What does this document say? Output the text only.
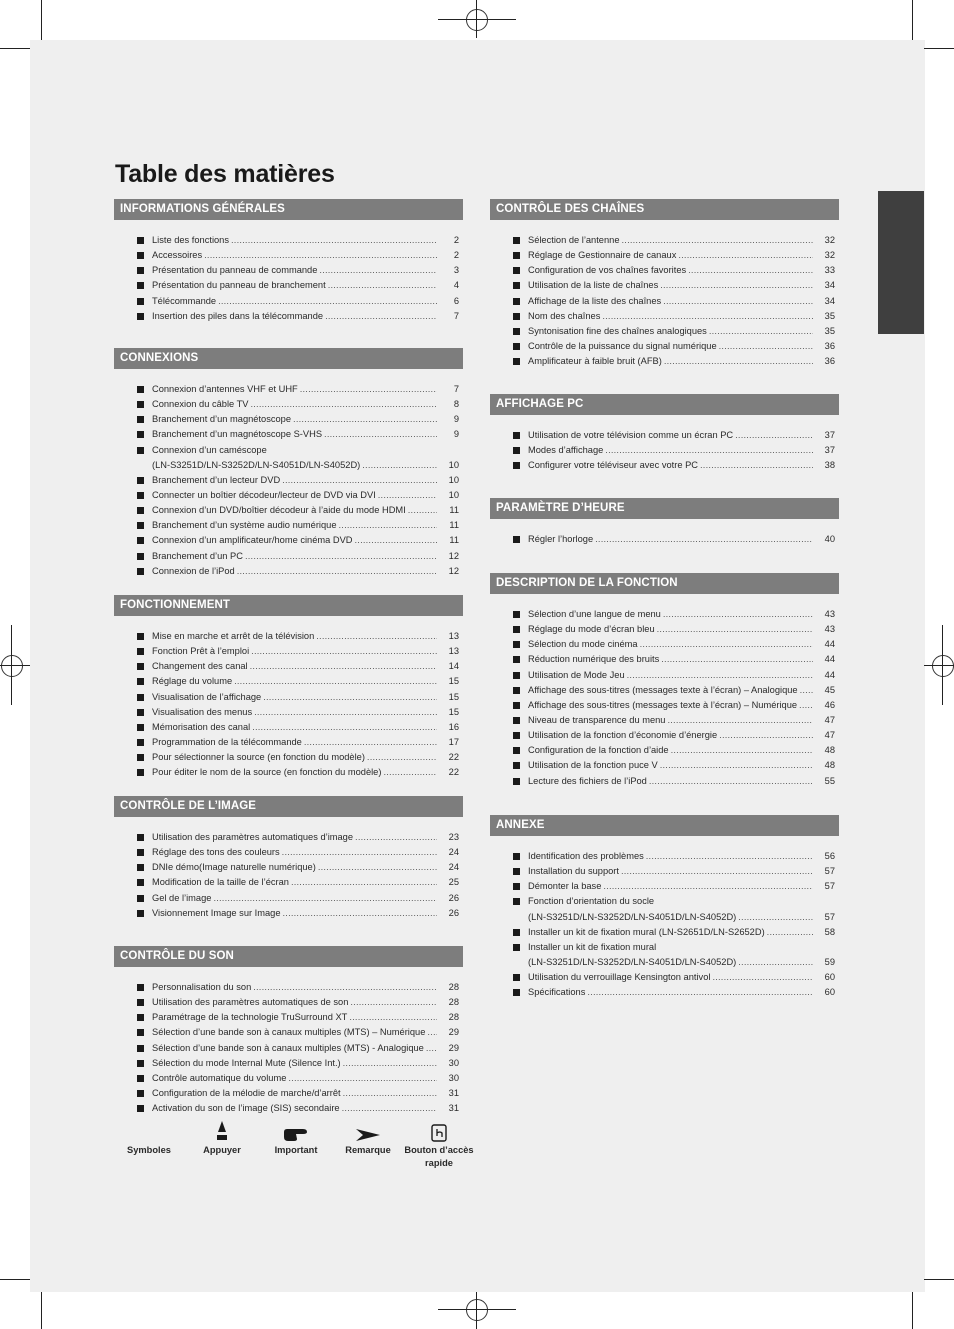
Table des matières
INFORMATIONS GÉNÉRALES
Liste des fonctions .....	2
Accessoires .....	2
Présentation du panneau de commande .....	3
Présentation du panneau de branchement .....	4
Télécommande .....	6
Insertion des piles dans la télécommande .....	7
CONNEXIONS
Connexion d’antennes VHF et UHF .....	7
Connexion du câble TV .....	8
Branchement d’un magnétoscope .....	9
Branchement d’un magnétoscope S-VHS .....	9
Connexion d’un caméscope
(LN-S3251D/LN-S3252D/LN-S4051D/LN-S4052D) .....	10
Branchement d’un lecteur DVD .....	10
Connecter un boîtier décodeur/lecteur de DVD via DVI .....	10
Connexion d’un DVD/boîtier décodeur à l’aide du mode HDMI .....	11
Branchement d’un système audio numérique .....	11
Connexion d’un amplificateur/home cinéma DVD .....	11
Branchement d’un PC .....	12
Connexion de l’iPod .....	12
FONCTIONNEMENT
Mise en marche et arrêt de la télévision .....	13
Fonction Prêt à l’emploi .....	13
Changement des canal .....	14
Réglage du volume .....	15
Visualisation de l’affichage .....	15
Visualisation des menus .....	15
Mémorisation des canal .....	16
Programmation de la télécommande .....	17
Pour sélectionner la source (en fonction du modèle) .....	22
Pour éditer le nom de la source (en fonction du modèle) .....	22
CONTRÔLE DE L’IMAGE
Utilisation des paramètres automatiques d’image .....	23
Réglage des tons des couleurs .....	24
DNIe démo(Image naturelle numérique) .....	24
Modification de la taille de l’écran .....	25
Gel de l’image .....	26
Visionnement Image sur Image .....	26
CONTRÔLE DU SON
Personnalisation du son .....	28
Utilisation des paramètres automatiques de son .....	28
Paramétrage de la technologie TruSurround XT .....	28
Sélection d’une bande son à canaux multiples (MTS) – Numérique .....	29
Sélection d’une bande son à canaux multiples (MTS) - Analogique .....	29
Sélection du mode Internal Mute (Silence Int.) .....	30
Contrôle automatique du volume .....	30
Configuration de la mélodie de marche/d’arrêt .....	31
Activation du son de l’image (SIS) secondaire .....	31
CONTRÔLE DES CHAÎNES
Sélection de l’antenne .....	32
Réglage de Gestionnaire de canaux .....	32
Configuration de vos chaînes favorites .....	33
Utilisation de la liste de chaînes .....	34
Affichage de la liste des chaînes .....	34
Nom des chaînes .....	35
Syntonisation fine des chaînes analogiques .....	35
Contrôle de la puissance du signal numérique .....	36
Amplificateur à faible bruit (AFB) .....	36
AFFICHAGE PC
Utilisation de votre télévision comme un écran PC .....	37
Modes d’affichage .....	37
Configurer votre téléviseur avec votre PC .....	38
PARAMÈTRE D’HEURE
Régler l’horloge .....	40
DESCRIPTION DE LA FONCTION
Sélection d’une langue de menu .....	43
Réglage du mode d’écran bleu .....	43
Sélection du mode cinéma .....	44
Réduction numérique des bruits .....	44
Utilisation de Mode Jeu .....	44
Affichage des sous-titres (messages texte à l’écran) – Analogique .....	45
Affichage des sous-titres (messages texte à l’écran) – Numérique .....	46
Niveau de transparence du menu .....	47
Utilisation de la fonction d’économie d’énergie .....	47
Configuration de la fonction d’aide .....	48
Utilisation de la fonction puce V .....	48
Lecture des fichiers de l’iPod .....	55
ANNEXE
Identification des problèmes .....	56
Installation du support .....	57
Démonter la base .....	57
Fonction d’orientation du socle
(LN-S3251D/LN-S3252D/LN-S4051D/LN-S4052D) .....	57
Installer un kit de fixation mural (LN-S2651D/LN-S2652D) .....	58
Installer un kit de fixation mural
(LN-S3251D/LN-S3252D/LN-S4051D/LN-S4052D) .....	59
Utilisation du verrouillage Kensington antivol .....	60
Spécifications .....	60
Symboles	Appuyer	Important	Remarque	Bouton d’accès rapide
